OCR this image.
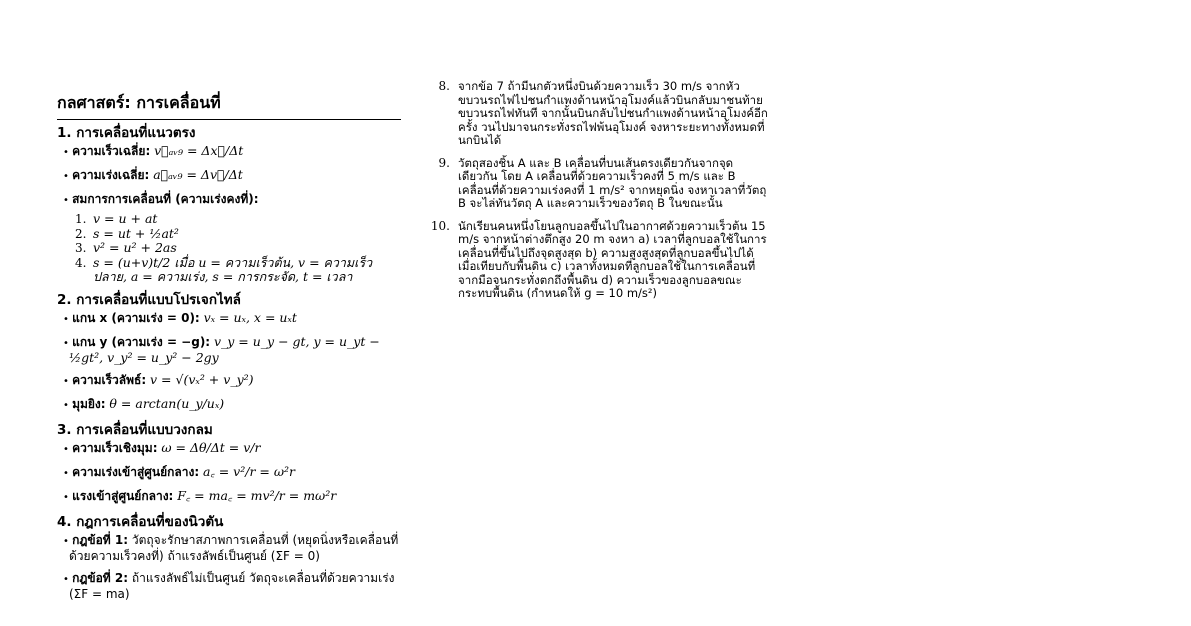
กลศาสตร์: การเคลื่อนที่
1. การเคลื่อนที่แนวตรง
• ความเร็วเฉลี่ย: v⃗ₐᵥ₉ = Δx⃗/Δt
• ความเร่งเฉลี่ย: a⃗ₐᵥ₉ = Δv⃗/Δt
• สมการการเคลื่อนที่ (ความเร่งคงที่):
1. v = u + at
2. s = ut + ½at²
3. v² = u² + 2as
4. s = (u+v)t/2 เมื่อ u = ความเร็วต้น, v = ความเร็วปลาย, a = ความเร่ง, s = การกระจัด, t = เวลา
2. การเคลื่อนที่แบบโปรเจกไทล์
• แกน x (ความเร่ง = 0): vₓ = uₓ, x = uₓt
• แกน y (ความเร่ง = −g): v_y = u_y − gt, y = u_yt − ½gt², v_y² = u_y² − 2gy
• ความเร็วลัพธ์: v = √(vₓ² + v_y²)
• มุมยิง: θ = arctan(u_y/uₓ)
3. การเคลื่อนที่แบบวงกลม
• ความเร็วเชิงมุม: ω = Δθ/Δt = v/r
• ความเร่งเข้าสู่ศูนย์กลาง: a꜀ = v²/r = ω²r
• แรงเข้าสู่ศูนย์กลาง: F꜀ = ma꜀ = mv²/r = mω²r
4. กฎการเคลื่อนที่ของนิวตัน
• กฎข้อที่ 1: วัตถุจะรักษาสภาพการเคลื่อนที่ (หยุดนิ่งหรือเคลื่อนที่ด้วยความเร็วคงที่) ถ้าแรงลัพธ์เป็นศูนย์ (ΣF = 0)
• กฎข้อที่ 2: ถ้าแรงลัพธ์ไม่เป็นศูนย์ วัตถุจะเคลื่อนที่ด้วยความเร่ง (ΣF = ma)
8. จากข้อ 7 ถ้ามีนกตัวหนึ่งบินด้วยความเร็ว 30 m/s จากหัวขบวนรถไฟไปชนกำแพงด้านหน้าอุโมงค์แล้วบินกลับมาชนท้ายขบวนรถไฟทันที จากนั้นบินกลับไปชนกำแพงด้านหน้าอุโมงค์อีกครั้ง วนไปมาจนกระทั่งรถไฟพ้นอุโมงค์ จงหาระยะทางทั้งหมดที่นกบินได้
9. วัตถุสองชิ้น A และ B เคลื่อนที่บนเส้นตรงเดียวกันจากจุดเดียวกัน โดย A เคลื่อนที่ด้วยความเร็วคงที่ 5 m/s และ B เคลื่อนที่ด้วยความเร่งคงที่ 1 m/s² จากหยุดนิ่ง จงหาเวลาที่วัตถุ B จะไล่ทันวัตถุ A และความเร็วของวัตถุ B ในขณะนั้น
10. นักเรียนคนหนึ่งโยนลูกบอลขึ้นไปในอากาศด้วยความเร็วต้น 15 m/s จากหน้าต่างตึกสูง 20 m จงหา a) เวลาที่ลูกบอลใช้ในการเคลื่อนที่ขึ้นไปถึงจุดสูงสุด b) ความสูงสูงสุดที่ลูกบอลขึ้นไปได้เมื่อเทียบกับพื้นดิน c) เวลาทั้งหมดที่ลูกบอลใช้ในการเคลื่อนที่จากมือจนกระทั่งตกถึงพื้นดิน d) ความเร็วของลูกบอลขณะกระทบพื้นดิน (กำหนดให้ g = 10 m/s²)
